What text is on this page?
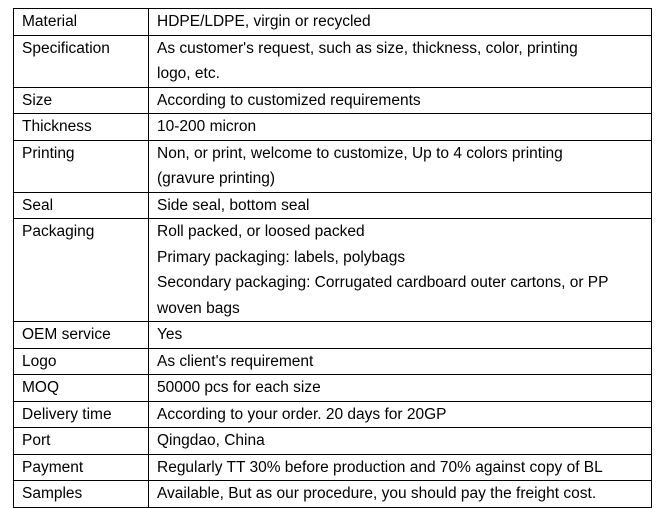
Material	HDPE/LDPE, virgin or recycled

Specification	As customer's request, such as size, thickness, color, printing
logo, etc.

Size	According to customized requirements

Thickness	10-200 micron

Printing	Non, or print, welcome to customize, Up to 4 colors printing
(gravure printing)

Seal	Side seal, bottom seal

Packaging	Roll packed, or loosed packed
Primary packaging: labels, polybags
Secondary packaging: Corrugated cardboard outer cartons, or PP
woven bags

OEM service	Yes

Logo	As client's requirement

MOQ	50000 pcs for each size

Delivery time	According to your order. 20 days for 20GP

Port	Qingdao, China

Payment	Regularly TT 30% before production and 70% against copy of BL

Samples	Available, But as our procedure, you should pay the freight cost.
